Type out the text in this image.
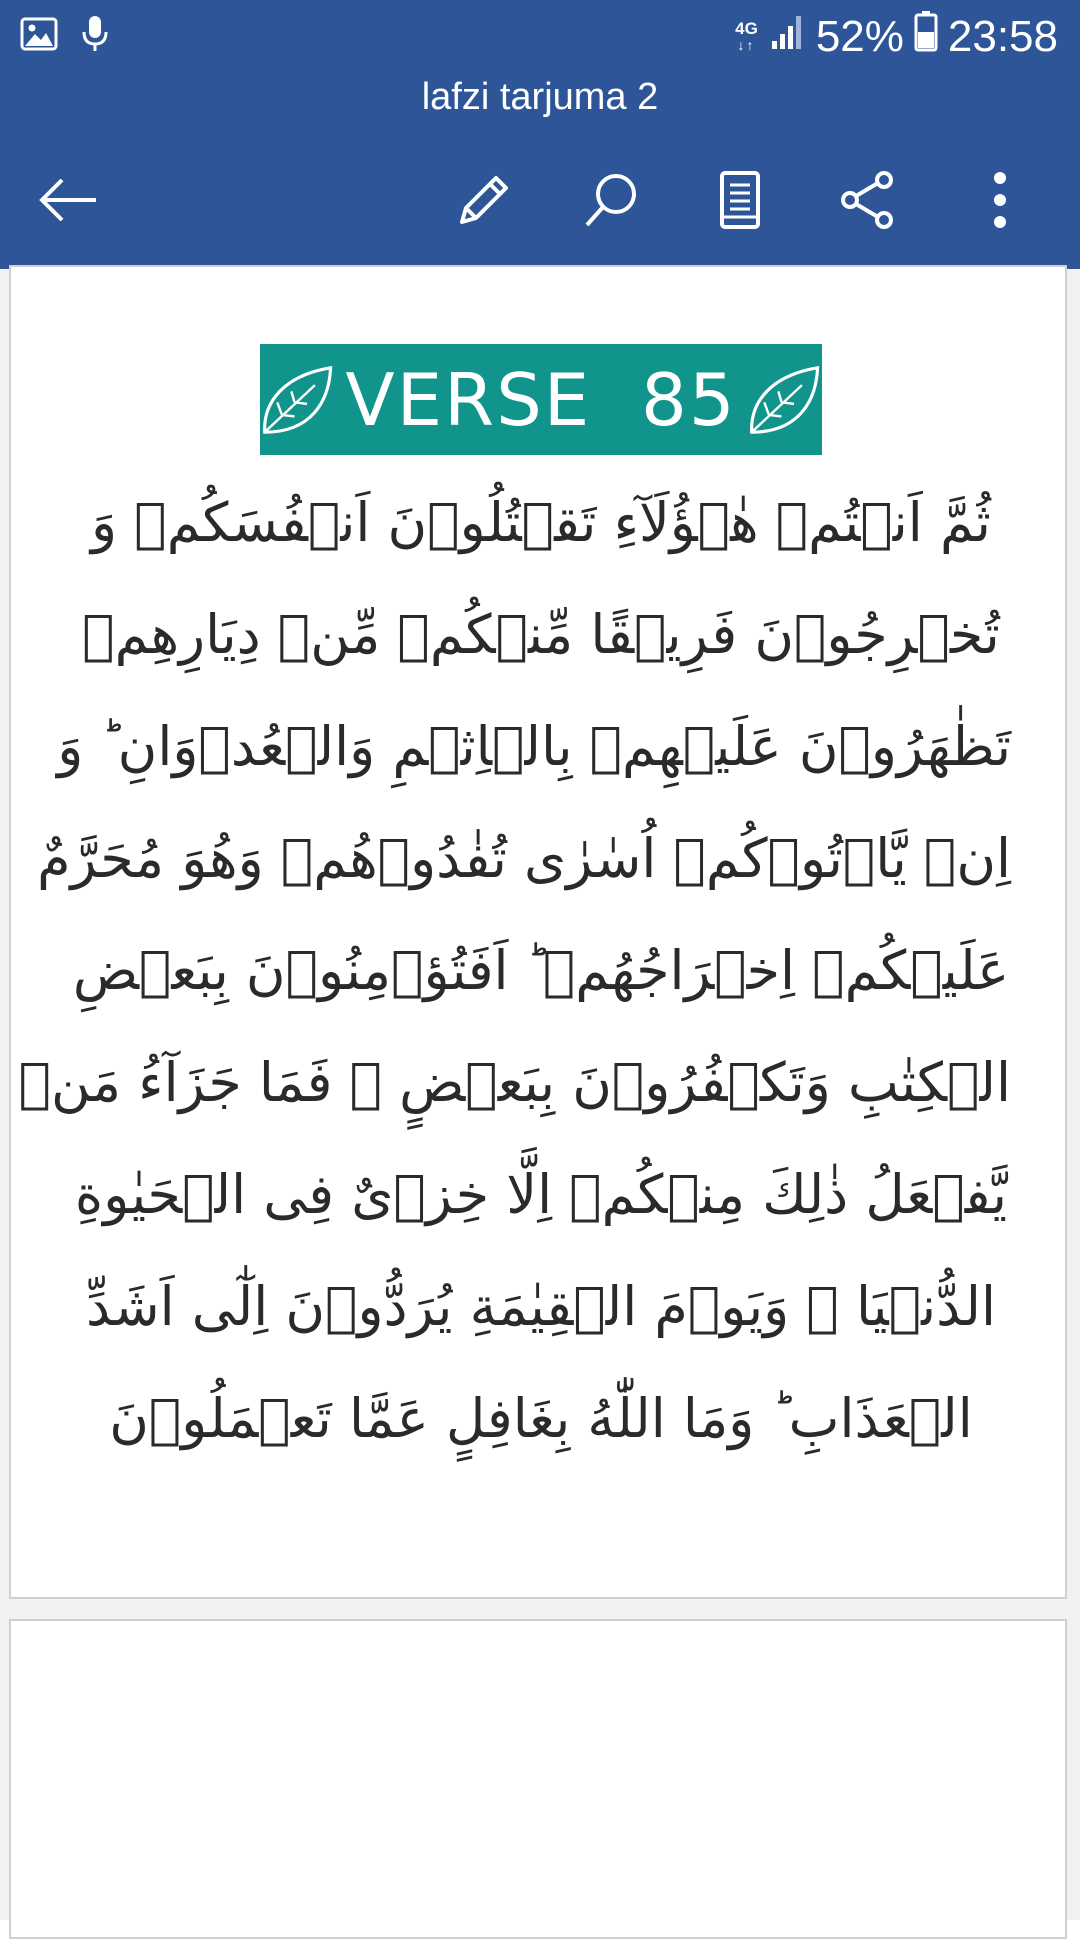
4G
↓↑ 52% 23:58
lafzi tarjuma 2
VERSE  85
ثُمَّ اَنۡتُمۡ هٰۤؤُلَآءِ تَقۡتُلُوۡنَ اَنۡفُسَكُمۡ وَ
تُخۡرِجُوۡنَ فَرِيۡقًا مِّنۡكُمۡ مِّنۡ دِيَارِهِمۡ
تَظٰهَرُوۡنَ عَلَيۡهِمۡ بِالۡاِثۡمِ وَالۡعُدۡوَانِ ؕ وَ
اِنۡ يَّاۡتُوۡكُمۡ اُسٰرٰى تُفٰدُوۡهُمۡ وَهُوَ مُحَرَّمٌ
عَلَيۡكُمۡ اِخۡرَاجُهُمۡ ؕ اَفَتُؤۡمِنُوۡنَ بِبَعۡضِ
الۡكِتٰبِ وَتَكۡفُرُوۡنَ بِبَعۡضٍ ۚ فَمَا جَزَآءُ مَنۡ
يَّفۡعَلُ ذٰلِكَ مِنۡكُمۡ اِلَّا خِزۡىٌ فِى الۡحَيٰوةِ
الدُّنۡيَا ۚ وَيَوۡمَ الۡقِيٰمَةِ يُرَدُّوۡنَ اِلٰٓى اَشَدِّ
الۡعَذَابِ ؕ وَمَا اللّٰهُ بِغَافِلٍ عَمَّا تَعۡمَلُوۡنَ
